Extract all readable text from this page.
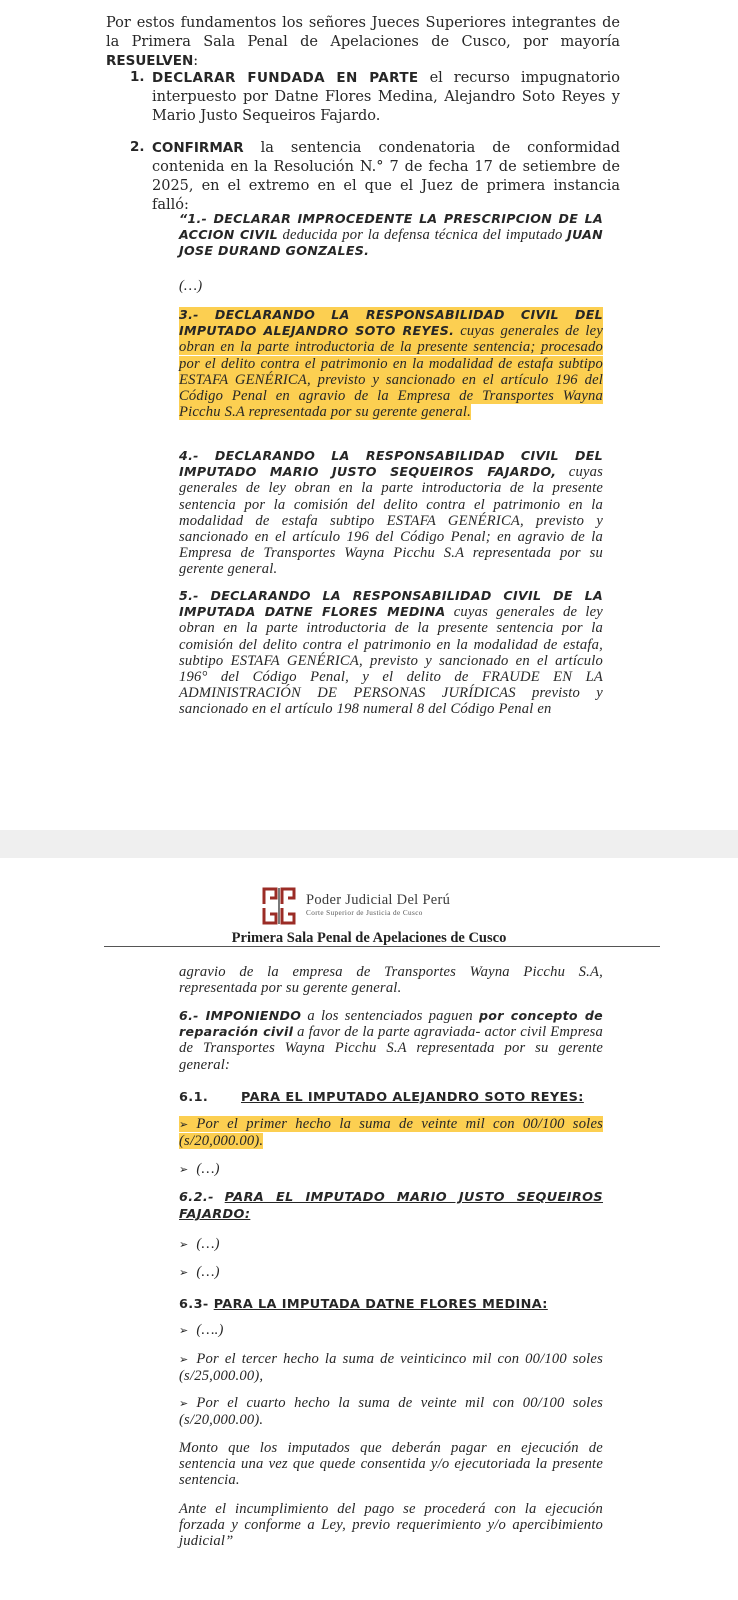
Por estos fundamentos los señores Jueces Superiores integrantes de la Primera Sala Penal de Apelaciones de Cusco, por mayoría RESUELVEN:

1. DECLARAR FUNDADA EN PARTE el recurso impugnatorio interpuesto por Datne Flores Medina, Alejandro Soto Reyes y Mario Justo Sequeiros Fajardo.

2. CONFIRMAR la sentencia condenatoria de conformidad contenida en la Resolución N.° 7 de fecha 17 de setiembre de 2025, en el extremo en el que el Juez de primera instancia falló:

“1.- DECLARAR IMPROCEDENTE LA PRESCRIPCION DE LA ACCION CIVIL deducida por la defensa técnica del imputado JUAN JOSE DURAND GONZALES.

(…)

3.- DECLARANDO LA RESPONSABILIDAD CIVIL DEL IMPUTADO ALEJANDRO SOTO REYES. cuyas generales de ley obran en la parte introductoria de la presente sentencia; procesado por el delito contra el patrimonio en la modalidad de estafa subtipo ESTAFA GENÉRICA, previsto y sancionado en el artículo 196 del Código Penal en agravio de la Empresa de Transportes Wayna Picchu S.A representada por su gerente general.

4.- DECLARANDO LA RESPONSABILIDAD CIVIL DEL IMPUTADO MARIO JUSTO SEQUEIROS FAJARDO, cuyas generales de ley obran en la parte introductoria de la presente sentencia por la comisión del delito contra el patrimonio en la modalidad de estafa subtipo ESTAFA GENÉRICA, previsto y sancionado en el artículo 196 del Código Penal; en agravio de la Empresa de Transportes Wayna Picchu S.A representada por su gerente general.

5.- DECLARANDO LA RESPONSABILIDAD CIVIL DE LA IMPUTADA DATNE FLORES MEDINA cuyas generales de ley obran en la parte introductoria de la presente sentencia por la comisión del delito contra el patrimonio en la modalidad de estafa, subtipo ESTAFA GENÉRICA, previsto y sancionado en el artículo 196° del Código Penal, y el delito de FRAUDE EN LA ADMINISTRACIÓN DE PERSONAS JURÍDICAS previsto y sancionado en el artículo 198 numeral 8 del Código Penal en

Poder Judicial Del Perú
Corte Superior de Justicia de Cusco
Primera Sala Penal de Apelaciones de Cusco

agravio de la empresa de Transportes Wayna Picchu S.A, representada por su gerente general.

6.- IMPONIENDO a los sentenciados paguen por concepto de reparación civil a favor de la parte agraviada- actor civil Empresa de Transportes Wayna Picchu S.A representada por su gerente general:

6.1.	PARA EL IMPUTADO ALEJANDRO SOTO REYES:

➢ Por el primer hecho la suma de veinte mil con 00/100 soles (s/20,000.00).

➢ (…)

6.2.- PARA EL IMPUTADO MARIO JUSTO SEQUEIROS FAJARDO:

➢ (…)

➢ (…)

6.3- PARA LA IMPUTADA DATNE FLORES MEDINA:

➢ (….)

➢ Por el tercer hecho la suma de veinticinco mil con 00/100 soles (s/25,000.00),

➢ Por el cuarto hecho la suma de veinte mil con 00/100 soles (s/20,000.00).

Monto que los imputados que deberán pagar en ejecución de sentencia una vez que quede consentida y/o ejecutoriada la presente sentencia.

Ante el incumplimiento del pago se procederá con la ejecución forzada y conforme a Ley, previo requerimiento y/o apercibimiento judicial”
